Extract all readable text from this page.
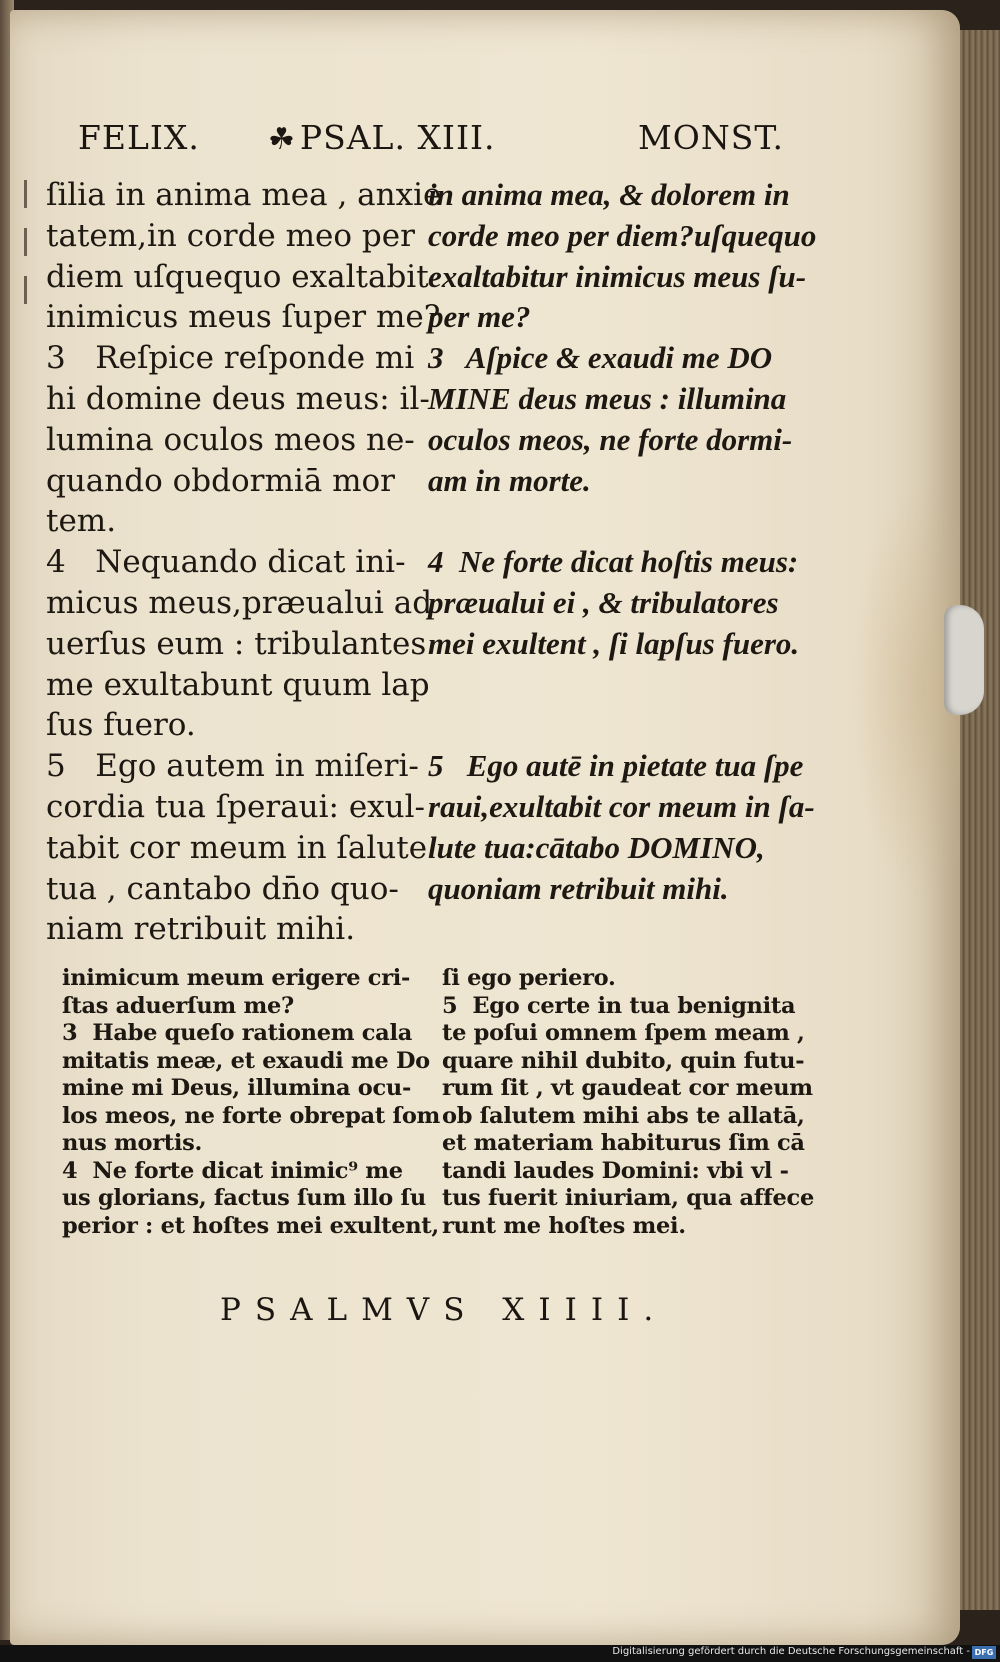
FELIX. ☘ PSAL. XIII.	MONST.

ſilia in anima mea , anxie

tatem,in corde meo per

diem uſquequo exaltabit

inimicus meus ſuper me?

3   Reſpice reſponde mi

hi domine deus meus: il-

lumina oculos meos ne-

quando obdormiā mor

tem.

4   Nequando dicat ini-

micus meus,præualui ad

uerſus eum : tribulantes

me exultabunt quum lap

ſus fuero.

5   Ego autem in miſeri-

cordia tua ſperaui: exul-

tabit cor meum in ſalute

tua , cantabo dn̄o quo-

niam retribuit mihi.

in anima mea, & dolorem in

corde meo per diem?uſquequo

exaltabitur inimicus meus ſu-

per me?

3   Aſpice & exaudi me DO

MINE deus meus : illumina

oculos meos, ne forte dormi-

am in morte.

4  Ne forte dicat hoſtis meus:

præualui ei , & tribulatores

mei exultent , ſi lapſus fuero.

5   Ego autē in pietate tua ſpe

raui,exultabit cor meum in ſa-

lute tua:cātabo DOMINO,

quoniam retribuit mihi.

inimicum meum erigere cri-

ſtas aduerſum me?

3  Habe queſo rationem cala

mitatis meæ, et exaudi me Do

mine mi Deus, illumina ocu-

los meos, ne forte obrepat ſom

nus mortis.

4  Ne forte dicat inimic⁹ me

us glorians, factus ſum illo ſu

perior : et hoſtes mei exultent,

ſi ego periero.

5  Ego certe in tua benignita

te poſui omnem ſpem meam ,

quare nihil dubito, quin futu-

rum ſit , vt gaudeat cor meum

ob ſalutem mihi abs te allatā,

et materiam habiturus ſim cā

tandi laudes Domini: vbi vl -

tus fuerit iniuriam, qua affece

runt me hoſtes mei.

PSALMVS XIIII.
Digitalisierung gefördert durch die Deutsche Forschungsgemeinschaft - DFG
